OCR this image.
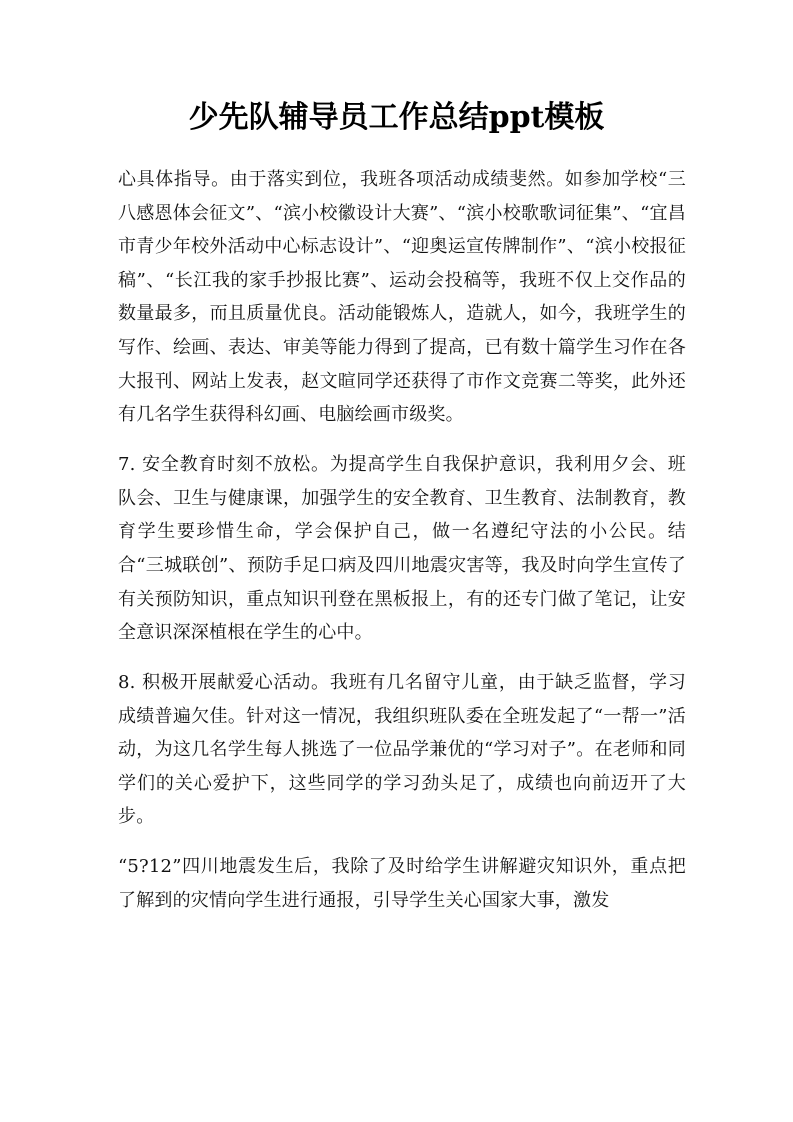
少先队辅导员工作总结ppt模板

心具体指导。由于落实到位，我班各项活动成绩斐然。如参加学校“三八感恩体会征文”、“滨小校徽设计大赛”、“滨小校歌歌词征集”、“宜昌市青少年校外活动中心标志设计”、“迎奥运宣传牌制作”、“滨小校报征稿”、“长江我的家手抄报比赛”、运动会投稿等，我班不仅上交作品的数量最多，而且质量优良。活动能锻炼人，造就人，如今，我班学生的写作、绘画、表达、审美等能力得到了提高，已有数十篇学生习作在各大报刊、网站上发表，赵文暄同学还获得了市作文竞赛二等奖，此外还有几名学生获得科幻画、电脑绘画市级奖。

7. 安全教育时刻不放松。为提高学生自我保护意识，我利用夕会、班队会、卫生与健康课，加强学生的安全教育、卫生教育、法制教育，教育学生要珍惜生命，学会保护自己，做一名遵纪守法的小公民。结合“三城联创”、预防手足口病及四川地震灾害等，我及时向学生宣传了有关预防知识，重点知识刊登在黑板报上，有的还专门做了笔记，让安全意识深深植根在学生的心中。

8. 积极开展献爱心活动。我班有几名留守儿童，由于缺乏监督，学习成绩普遍欠佳。针对这一情况，我组织班队委在全班发起了“一帮一”活动，为这几名学生每人挑选了一位品学兼优的“学习对子”。在老师和同学们的关心爱护下，这些同学的学习劲头足了，成绩也向前迈开了大步。

“5?12”四川地震发生后，我除了及时给学生讲解避灾知识外，重点把了解到的灾情向学生进行通报，引导学生关心国家大事，激发
